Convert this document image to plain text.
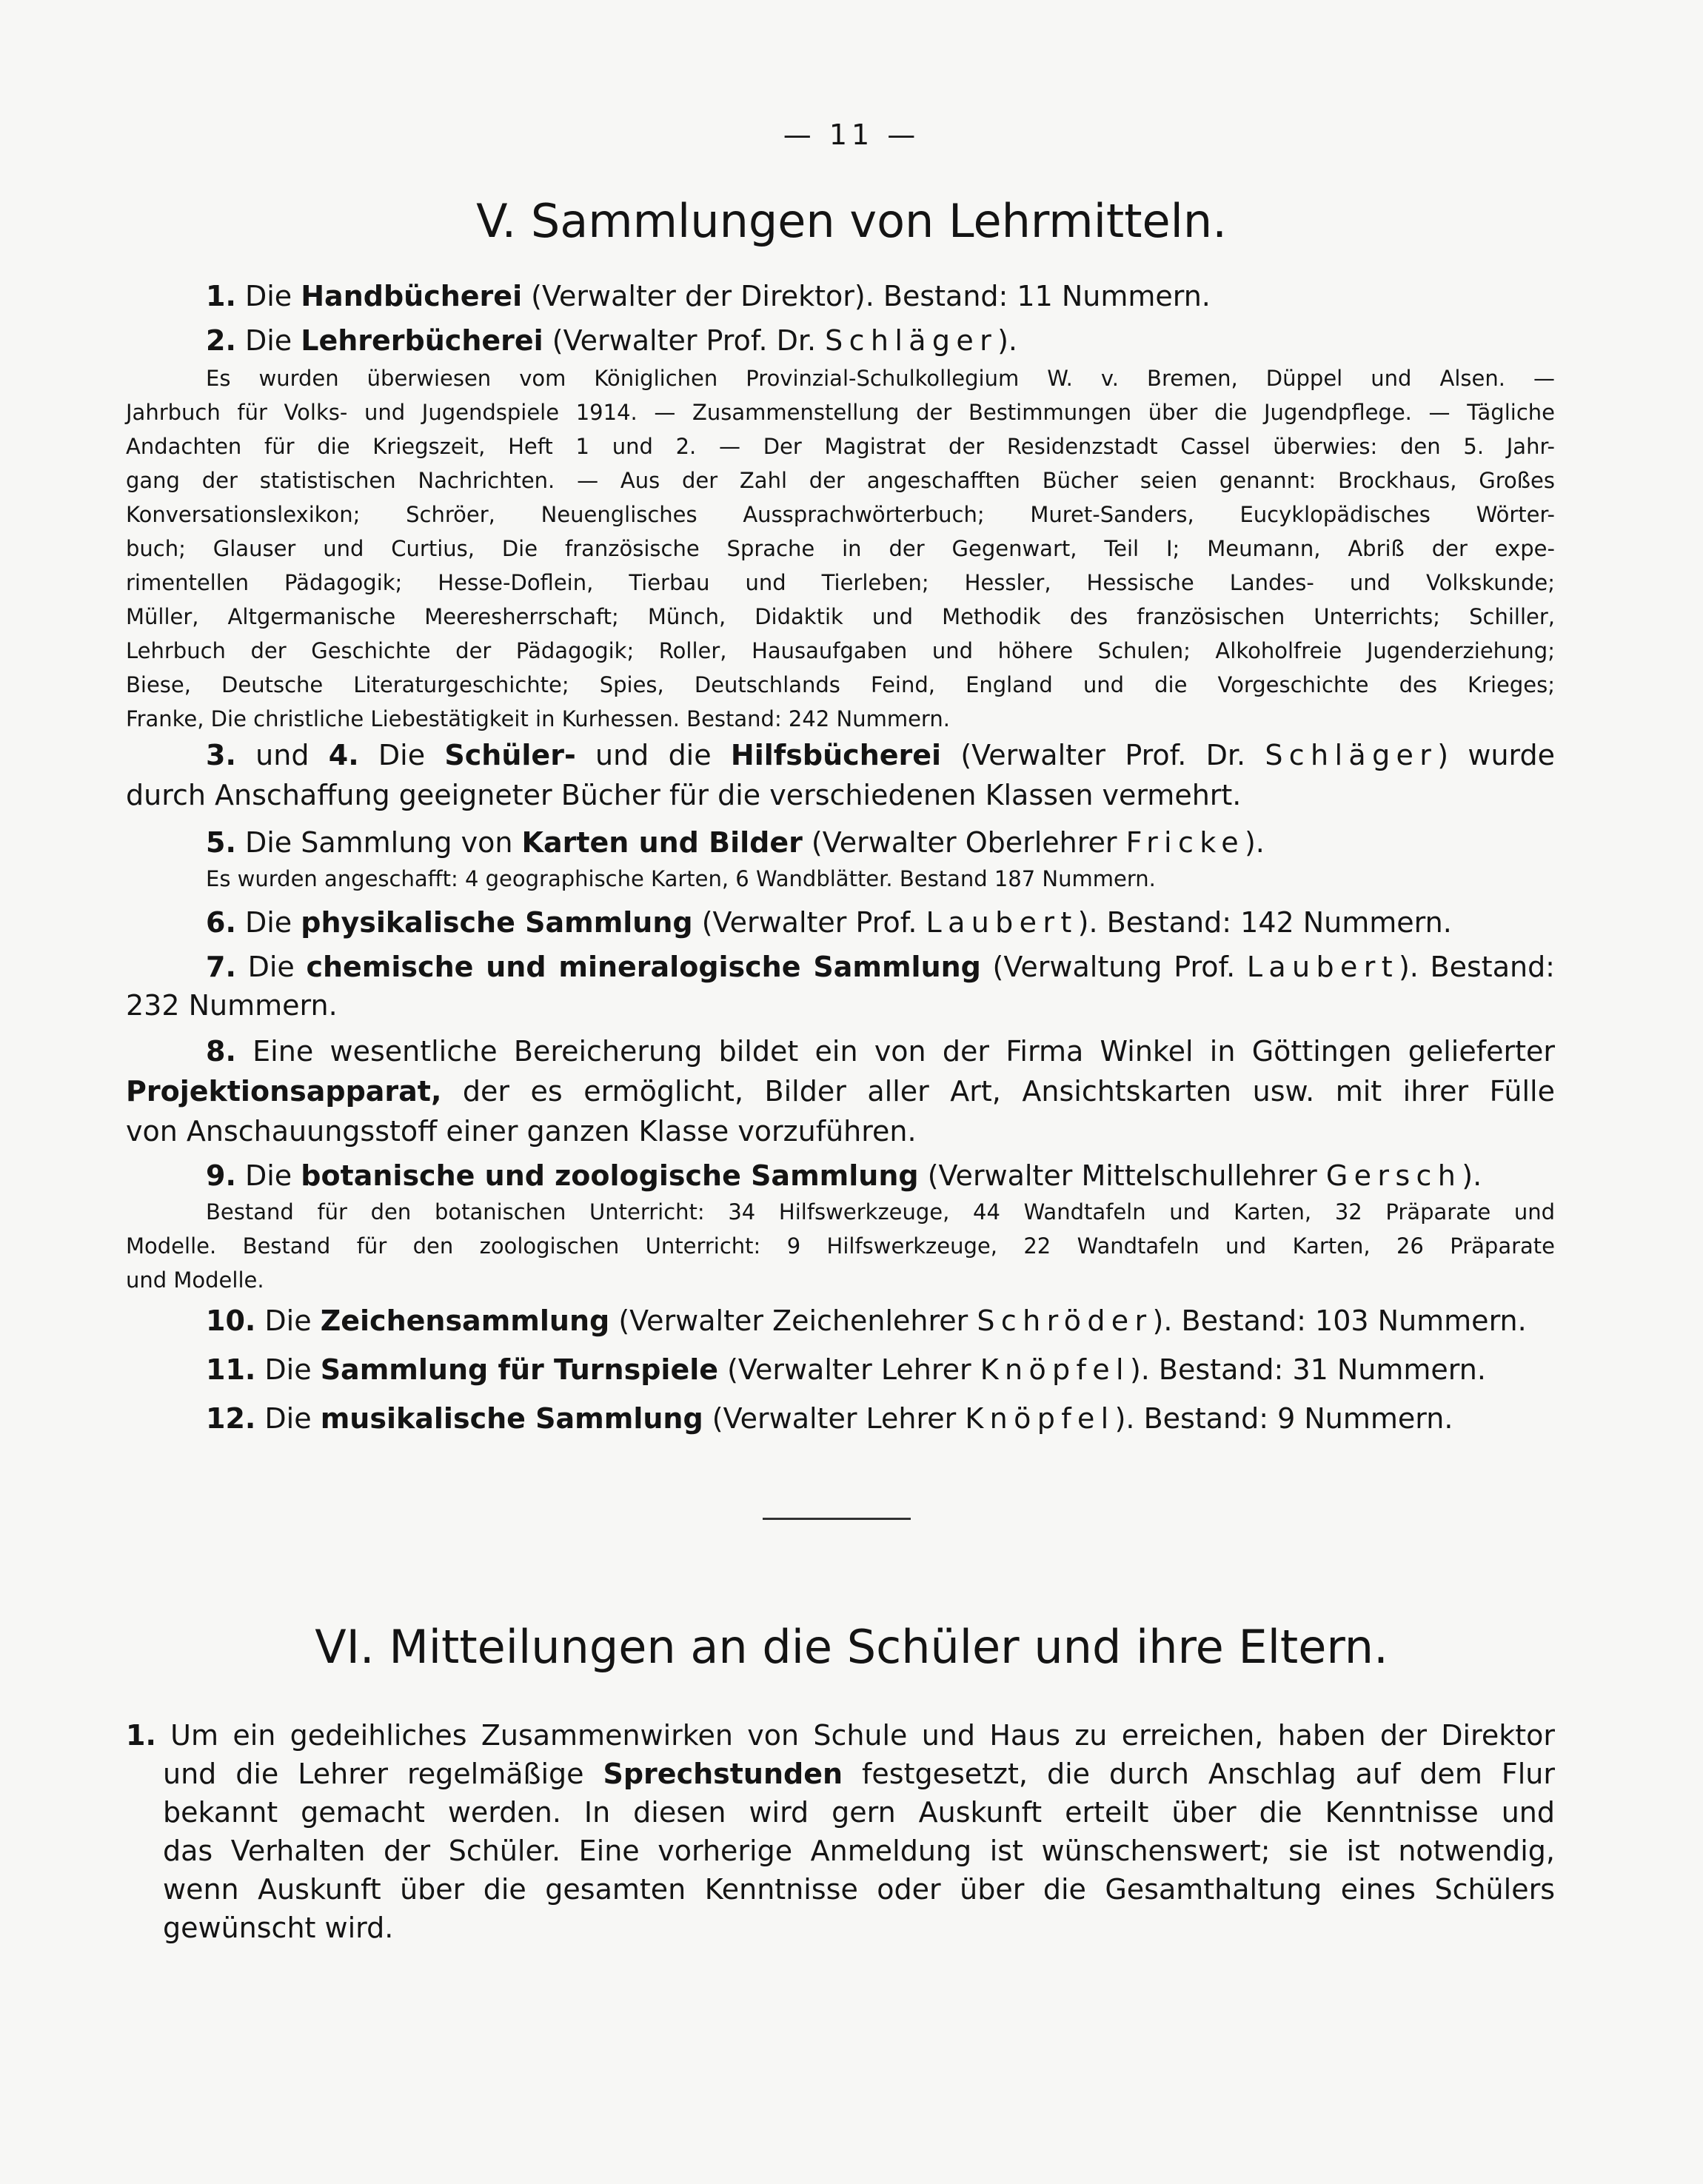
— 11 —
V. Sammlungen von Lehrmitteln.
1. Die Handbücherei (Verwalter der Direktor). Bestand: 11 Nummern.
2. Die Lehrerbücherei (Verwalter Prof. Dr. Schläger).
Es wurden überwiesen vom Königlichen Provinzial-Schulkollegium W. v. Bremen, Düppel und Alsen. —
Jahrbuch für Volks- und Jugendspiele 1914. — Zusammenstellung der Bestimmungen über die Jugendpflege. — Tägliche
Andachten für die Kriegszeit, Heft 1 und 2. — Der Magistrat der Residenzstadt Cassel überwies: den 5. Jahr-
gang der statistischen Nachrichten. — Aus der Zahl der angeschafften Bücher seien genannt: Brockhaus, Großes
Konversationslexikon; Schröer, Neuenglisches Aussprachwörterbuch; Muret-Sanders, Eucyklopädisches Wörter-
buch; Glauser und Curtius, Die französische Sprache in der Gegenwart, Teil I; Meumann, Abriß der expe-
rimentellen Pädagogik; Hesse-Doflein, Tierbau und Tierleben; Hessler, Hessische Landes- und Volkskunde;
Müller, Altgermanische Meeresherrschaft; Münch, Didaktik und Methodik des französischen Unterrichts; Schiller,
Lehrbuch der Geschichte der Pädagogik; Roller, Hausaufgaben und höhere Schulen; Alkoholfreie Jugenderziehung;
Biese, Deutsche Literaturgeschichte; Spies, Deutschlands Feind, England und die Vorgeschichte des Krieges;
Franke, Die christliche Liebestätigkeit in Kurhessen. Bestand: 242 Nummern.
3. und 4. Die Schüler- und die Hilfsbücherei (Verwalter Prof. Dr. Schläger) wurde
durch Anschaffung geeigneter Bücher für die verschiedenen Klassen vermehrt.
5. Die Sammlung von Karten und Bilder (Verwalter Oberlehrer Fricke).
Es wurden angeschafft: 4 geographische Karten, 6 Wandblätter. Bestand 187 Nummern.
6. Die physikalische Sammlung (Verwalter Prof. Laubert). Bestand: 142 Nummern.
7. Die chemische und mineralogische Sammlung (Verwaltung Prof. Laubert). Bestand:
232 Nummern.
8. Eine wesentliche Bereicherung bildet ein von der Firma Winkel in Göttingen gelieferter
Projektionsapparat, der es ermöglicht, Bilder aller Art, Ansichtskarten usw. mit ihrer Fülle
von Anschauungsstoff einer ganzen Klasse vorzuführen.
9. Die botanische und zoologische Sammlung (Verwalter Mittelschullehrer Gersch).
Bestand für den botanischen Unterricht: 34 Hilfswerkzeuge, 44 Wandtafeln und Karten, 32 Präparate und
Modelle. Bestand für den zoologischen Unterricht: 9 Hilfswerkzeuge, 22 Wandtafeln und Karten, 26 Präparate
und Modelle.
10. Die Zeichensammlung (Verwalter Zeichenlehrer Schröder). Bestand: 103 Nummern.
11. Die Sammlung für Turnspiele (Verwalter Lehrer Knöpfel). Bestand: 31 Nummern.
12. Die musikalische Sammlung (Verwalter Lehrer Knöpfel). Bestand: 9 Nummern.
VI. Mitteilungen an die Schüler und ihre Eltern.
1. Um ein gedeihliches Zusammenwirken von Schule und Haus zu erreichen, haben der Direktor
und die Lehrer regelmäßige Sprechstunden festgesetzt, die durch Anschlag auf dem Flur
bekannt gemacht werden. In diesen wird gern Auskunft erteilt über die Kenntnisse und
das Verhalten der Schüler. Eine vorherige Anmeldung ist wünschenswert; sie ist notwendig,
wenn Auskunft über die gesamten Kenntnisse oder über die Gesamthaltung eines Schülers
gewünscht wird.
